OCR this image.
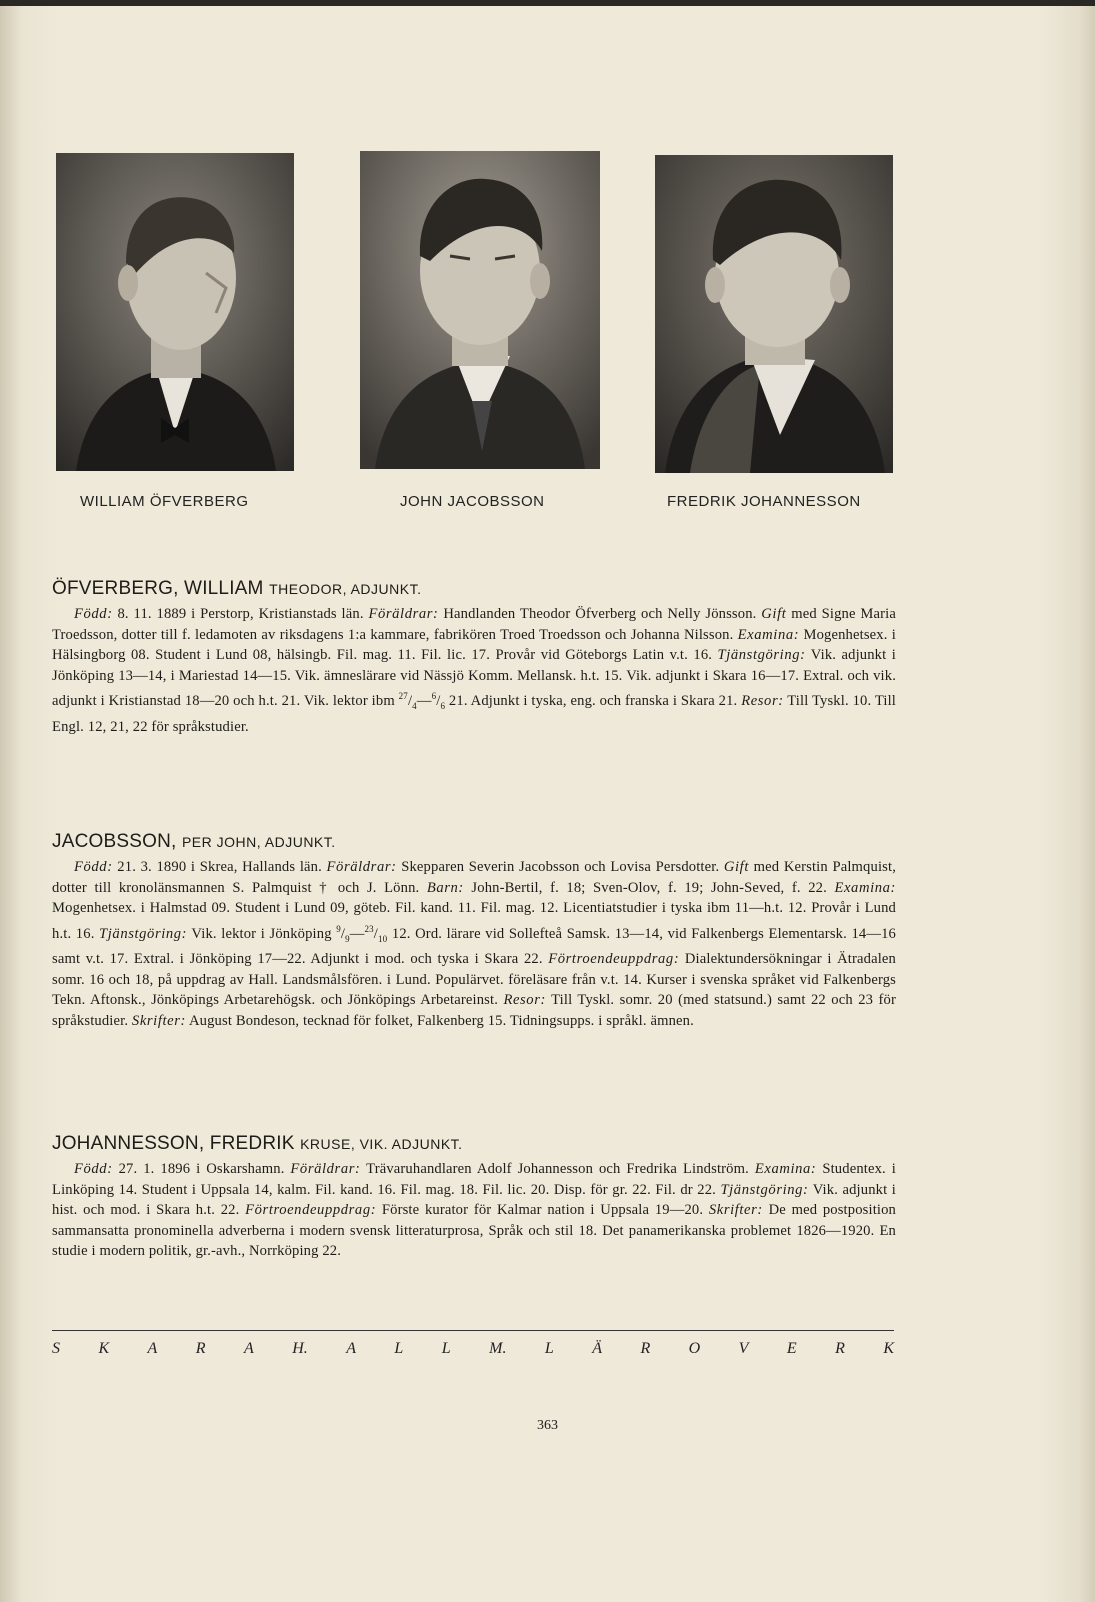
WILLIAM ÖFVERBERG	JOHN JACOBSSON	FREDRIK JOHANNESSON
ÖFVERBERG, WILLIAM THEODOR, ADJUNKT.
Född: 8. 11. 1889 i Perstorp, Kristianstads län. Föräldrar: Handlanden Theodor Öfverberg och Nelly Jönsson. Gift med Signe Maria Troedsson, dotter till f. ledamoten av riksdagens 1:a kammare, fabrikören Troed Troedsson och Johanna Nilsson. Examina: Mogenhetsex. i Hälsingborg 08. Student i Lund 08, hälsingb. Fil. mag. 11. Fil. lic. 17. Provår vid Göteborgs Latin v.t. 16. Tjänstgöring: Vik. adjunkt i Jönköping 13—14, i Mariestad 14—15. Vik. ämneslärare vid Nässjö Komm. Mellansk. h.t. 15. Vik. adjunkt i Skara 16—17. Extral. och vik. adjunkt i Kristianstad 18—20 och h.t. 21. Vik. lektor ibm $^{27}/_4—^6/_6$ 21. Adjunkt i tyska, eng. och franska i Skara 21. Resor: Till Tyskl. 10. Till Engl. 12, 21, 22 för språkstudier.
JACOBSSON, PER JOHN, ADJUNKT.
Född: 21. 3. 1890 i Skrea, Hallands län. Föräldrar: Skepparen Severin Jacobsson och Lovisa Persdotter. Gift med Kerstin Palmquist, dotter till kronolänsmannen S. Palmquist † och J. Lönn. Barn: John-Bertil, f. 18; Sven-Olov, f. 19; John-Seved, f. 22. Examina: Mogenhetsex. i Halmstad 09. Student i Lund 09, göteb. Fil. kand. 11. Fil. mag. 12. Licentiatstudier i tyska ibm 11—h.t. 12. Provår i Lund h.t. 16. Tjänstgöring: Vik. lektor i Jönköping $^9/_9—^{23}/_{10}$ 12. Ord. lärare vid Sollefteå Samsk. 13—14, vid Falkenbergs Elementarsk. 14—16 samt v.t. 17. Extral. i Jönköping 17—22. Adjunkt i mod. och tyska i Skara 22. Förtroendeuppdrag: Dialektundersökningar i Ätradalen somr. 16 och 18, på uppdrag av Hall. Landsmålsfören. i Lund. Populärvet. föreläsare från v.t. 14. Kurser i svenska språket vid Falkenbergs Tekn. Aftonsk., Jönköpings Arbetarehögsk. och Jönköpings Arbetareinst. Resor: Till Tyskl. somr. 20 (med statsund.) samt 22 och 23 för språkstudier. Skrifter: August Bondeson, tecknad för folket, Falkenberg 15. Tidningsupps. i språkl. ämnen.
JOHANNESSON, FREDRIK KRUSE, VIK. ADJUNKT.
Född: 27. 1. 1896 i Oskarshamn. Föräldrar: Trävaruhandlaren Adolf Johannesson och Fredrika Lindström. Examina: Studentex. i Linköping 14. Student i Uppsala 14, kalm. Fil. kand. 16. Fil. mag. 18. Fil. lic. 20. Disp. för gr. 22. Fil. dr 22. Tjänstgöring: Vik. adjunkt i hist. och mod. i Skara h.t. 22. Förtroendeuppdrag: Förste kurator för Kalmar nation i Uppsala 19—20. Skrifter: De med postposition sammansatta pronominella adverberna i modern svensk litteraturprosa, Språk och stil 18. Det panamerikanska problemet 1826—1920. En studie i modern politik, gr.-avh., Norrköping 22.
S K A R A H. A L L M. L Ä R O V E R K
363
